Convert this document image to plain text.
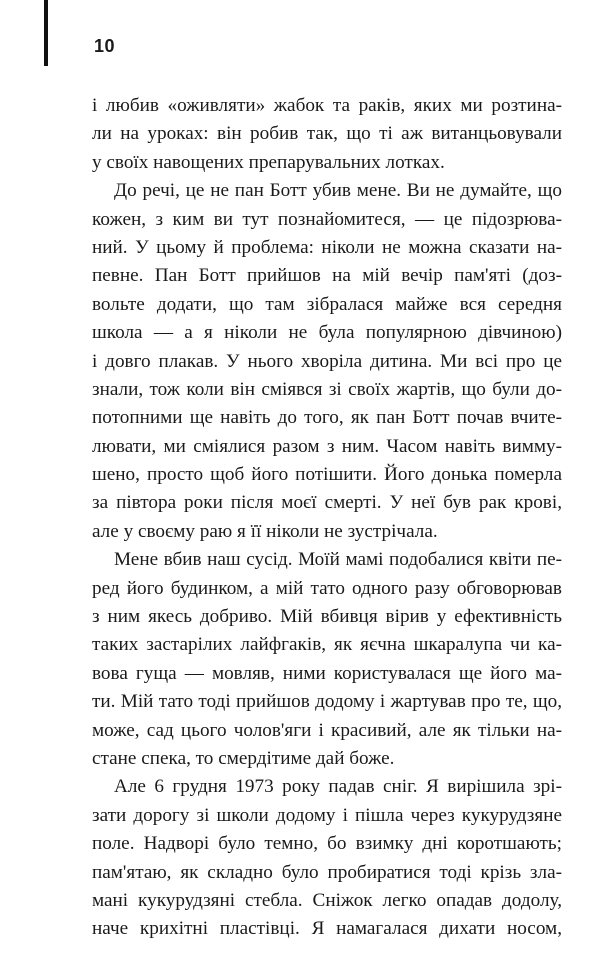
10

і любив «оживляти» жабок та раків, яких ми розтина-
ли на уроках: він робив так, що ті аж витанцьовували
у своїх навощених препарувальних лотках.

До речі, це не пан Ботт убив мене. Ви не думайте, що
кожен, з ким ви тут познайомитеся, — це підозрюва-
ний. У цьому й проблема: ніколи не можна сказати на-
певне. Пан Ботт прийшов на мій вечір пам'яті (доз-
вольте додати, що там зібралася майже вся середня
школа — а я ніколи не була популярною дівчиною)
і довго плакав. У нього хворіла дитина. Ми всі про це
знали, тож коли він сміявся зі своїх жартів, що були до-
потопними ще навіть до того, як пан Ботт почав вчите-
лювати, ми сміялися разом з ним. Часом навіть вимму-
шено, просто щоб його потішити. Його донька померла
за півтора роки після моєї смерті. У неї був рак крові,
але у своєму раю я її ніколи не зустрічала.

Мене вбив наш сусід. Моїй мамі подобалися квіти пе-
ред його будинком, а мій тато одного разу обговорював
з ним якесь добриво. Мій вбивця вірив у ефективність
таких застарілих лайфгаків, як яєчна шкаралупа чи ка-
вова гуща — мовляв, ними користувалася ще його ма-
ти. Мій тато тоді прийшов додому і жартував про те, що,
може, сад цього чолов'яги і красивий, але як тільки на-
стане спека, то смердітиме дай боже.

Але 6 грудня 1973 року падав сніг. Я вирішила зрі-
зати дорогу зі школи додому і пішла через кукурудзяне
поле. Надворі було темно, бо взимку дні коротшають;
пам'ятаю, як складно було пробиратися тоді крізь зла-
мані кукурудзяні стебла. Сніжок легко опадав додолу,
наче крихітні пластівці. Я намагалася дихати носом,
